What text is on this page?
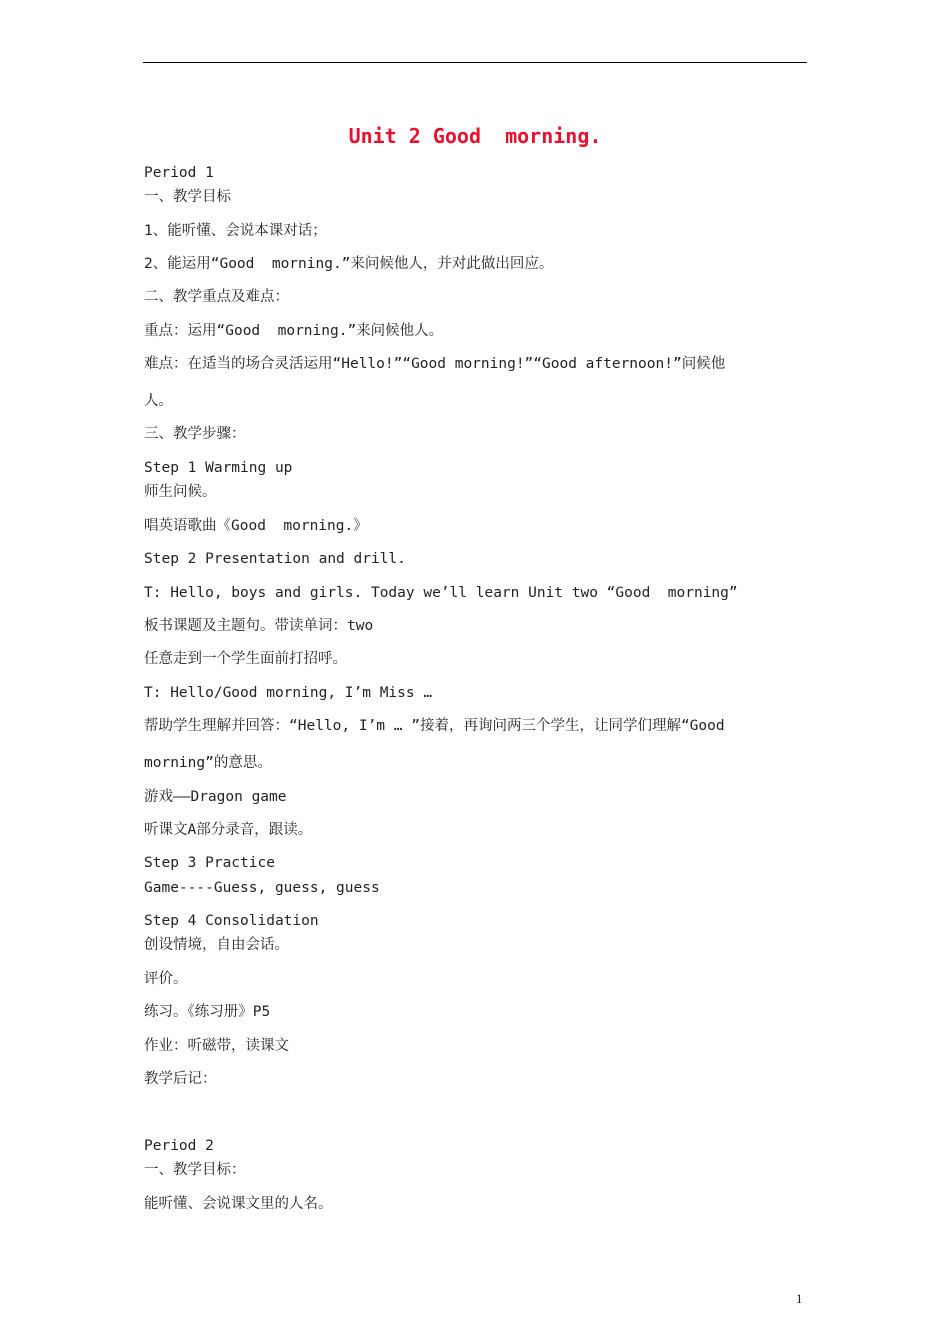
Unit 2 Good  morning.
Period 1
一、教学目标
1、能听懂、会说本课对话；
2、能运用“Good  morning.”来问候他人，并对此做出回应。
二、教学重点及难点：
重点：运用“Good  morning.”来问候他人。
难点：在适当的场合灵活运用“Hello!”“Good morning!”“Good afternoon!”问候他
人。
三、教学步骤：
Step 1 Warming up
师生问候。
唱英语歌曲《Good  morning.》
Step 2 Presentation and drill.
T: Hello, boys and girls. Today we’ll learn Unit two “Good  morning”
板书课题及主题句。带读单词：two
任意走到一个学生面前打招呼。
T: Hello/Good morning, I’m Miss …
帮助学生理解并回答：“Hello, I’m … ”接着，再询问两三个学生，让同学们理解“Good
morning”的意思。
游戏——Dragon game
听课文A部分录音，跟读。
Step 3 Practice
Game----Guess, guess, guess
Step 4 Consolidation
创设情境，自由会话。
评价。
练习。《练习册》P5
作业：听磁带，读课文
教学后记：
Period 2
一、教学目标：
能听懂、会说课文里的人名。
1
